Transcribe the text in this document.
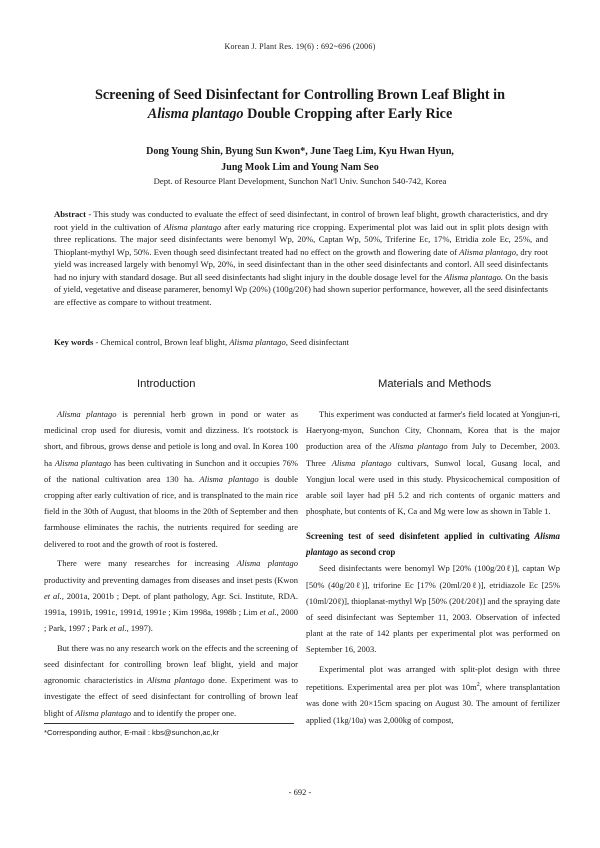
Korean J. Plant Res. 19(6) : 692~696 (2006)
Screening of Seed Disinfectant for Controlling Brown Leaf Blight in
Alisma plantago Double Cropping after Early Rice
Dong Young Shin, Byung Sun Kwon*, June Taeg Lim, Kyu Hwan Hyun,
Jung Mook Lim and Young Nam Seo
Dept. of Resource Plant Development, Sunchon Nat'l Univ. Sunchon 540-742, Korea
Abstract - This study was conducted to evaluate the effect of seed disinfectant, in control of brown leaf blight, growth characteristics, and dry root yield in the cultivation of Alisma plantago after early maturing rice cropping. Experimental plot was laid out in split plots design with three replications. The major seed disinfectants were benomyl Wp, 20%, Captan Wp, 50%, Triferine Ec, 17%, Etridia zole Ec, 25%, and Thioplant-mythyl Wp, 50%. Even though seed disinfectant treated had no effect on the growth and flowering date of Alisma plantago, dry root yield was increased largely with benomyl Wp, 20%, in seed disinfectant than in the other seed disinfectants and contorl. All seed disinfectants had no injury with standard dosage. But all seed disinfectants had slight injury in the double dosage level for the Alisma plantago. On the basis of yield, vegetative and disease paramerer, benomyl Wp (20%) (100g/20ℓ) had shown superior performance, however, all the seed disinfectants are effective as compare to without treatment.
Key words - Chemical control, Brown leaf blight, Alisma plantago, Seed disinfectant
Introduction	Materials and Methods

Alisma plantago is perennial herb grown in pond or water as medicinal crop used for diuresis, vomit and dizziness. It's rootstock is short, and fibrous, grows dense and petiole is long and oval. In Korea 100 ha Alisma plantago has been cultivating in Sunchon and it occupies 76% of the national cultivation area 130 ha. Alisma plantago is double cropping after early cultivation of rice, and is transplnated to the main rice field in the 30th of August, that blooms in the 20th of September and then farmhouse eliminates the rachis, the nutrients required for seeding are delivered to root and the growth of root is fostered.

There were many researches for increasing Alisma plantago productivity and preventing damages from diseases and inset pests (Kwon et al., 2001a, 2001b ; Dept. of plant pathology, Agr. Sci. Institute, RDA. 1991a, 1991b, 1991c, 1991d, 1991e ; Kim 1998a, 1998b ; Lim et al., 2000 ; Park, 1997 ; Park et al., 1997).

But there was no any research work on the effects and the screening of seed disinfectant for controlling brown leaf blight, yield and major agronomic characteristics in Alisma plantago done. Experiment was to investigate the effect of seed disinfectant for controlling of brown leaf blight of Alisma plantago and to identify the proper one.

This experiment was conducted at farmer's field located at Yongjun-ri, Haeryong-myon, Sunchon City, Chonnam, Korea that is the major production area of the Alisma plantago from July to December, 2003. Three Alisma plantago cultivars, Sunwol local, Gusang local, and Yongjun local were used in this study. Physicochemical composition of arable soil layer had pH 5.2 and rich contents of organic matters and phosphate, but contents of K, Ca and Mg were low as shown in Table 1.

Screening test of seed disinfetent applied in cultivating Alisma plantago as second crop

Seed disinfectants were benomyl Wp [20% (100g/20ℓ)], captan Wp [50% (40g/20ℓ)], triforine Ec [17% (20ml/20ℓ)], etridiazole Ec [25% (10ml/20ℓ)], thioplanat-mythyl Wp [50% (20ℓ/20ℓ)] and the spraying date of seed disinfectant was September 11, 2003. Observation of infected plant at the rate of 142 plants per experimental plot was performed on September 16, 2003.

Experimental plot was arranged with split-plot design with three repetitions. Experimental area per plot was $10m^2$, where transplantation was done with 20×15cm spacing on August 30. The amount of fertilizer applied (1kg/10a) was 2,000kg of compost,

*Corresponding author, E-mail : kbs@sunchon,ac,kr
- 692 -
